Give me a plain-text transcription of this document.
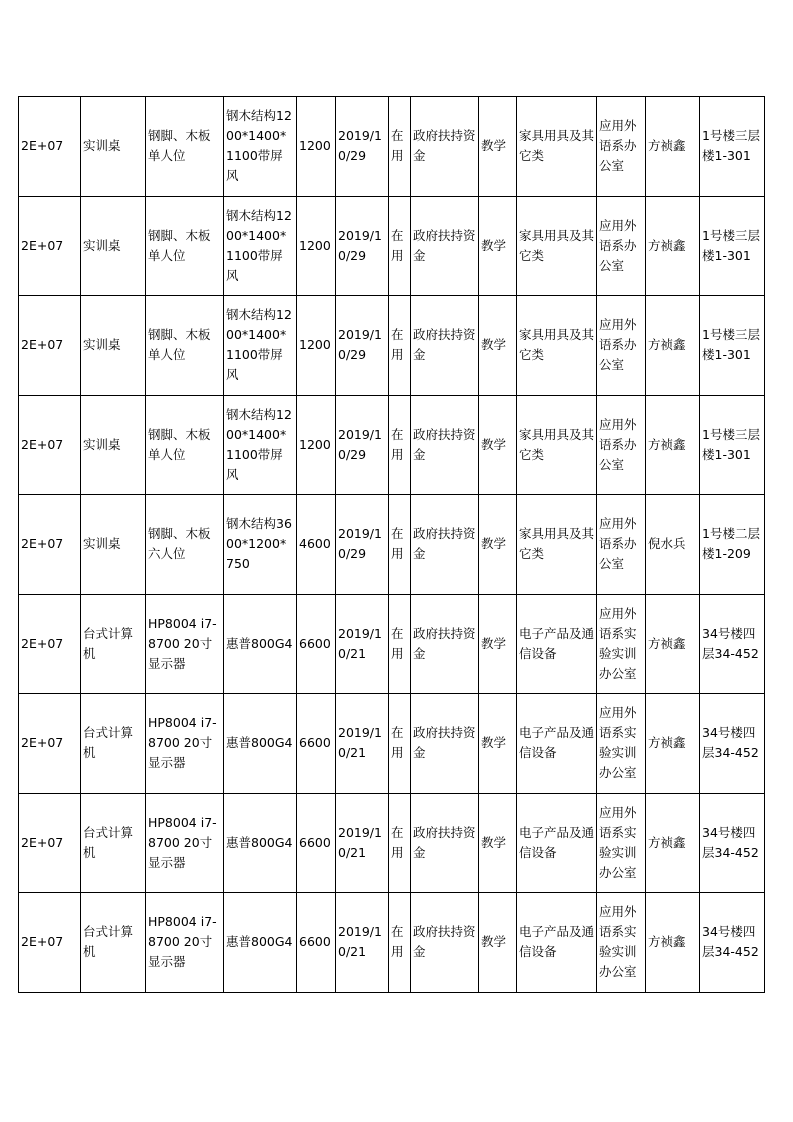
2E+07	实训桌	钢脚、木板单人位	钢木结构1200*1400*1100带屏风	1200	2019/10/29	在用	政府扶持资金	教学	家具用具及其它类	应用外语系办公室	方祯鑫	1号楼三层楼1-301
2E+07	实训桌	钢脚、木板单人位	钢木结构1200*1400*1100带屏风	1200	2019/10/29	在用	政府扶持资金	教学	家具用具及其它类	应用外语系办公室	方祯鑫	1号楼三层楼1-301
2E+07	实训桌	钢脚、木板单人位	钢木结构1200*1400*1100带屏风	1200	2019/10/29	在用	政府扶持资金	教学	家具用具及其它类	应用外语系办公室	方祯鑫	1号楼三层楼1-301
2E+07	实训桌	钢脚、木板单人位	钢木结构1200*1400*1100带屏风	1200	2019/10/29	在用	政府扶持资金	教学	家具用具及其它类	应用外语系办公室	方祯鑫	1号楼三层楼1-301
2E+07	实训桌	钢脚、木板六人位	钢木结构3600*1200*750	4600	2019/10/29	在用	政府扶持资金	教学	家具用具及其它类	应用外语系办公室	倪水兵	1号楼二层楼1-209
2E+07	台式计算机	HP8004 i7-8700 20寸显示器	惠普800G4	6600	2019/10/21	在用	政府扶持资金	教学	电子产品及通信设备	应用外语系实验实训办公室	方祯鑫	34号楼四层34-452
2E+07	台式计算机	HP8004 i7-8700 20寸显示器	惠普800G4	6600	2019/10/21	在用	政府扶持资金	教学	电子产品及通信设备	应用外语系实验实训办公室	方祯鑫	34号楼四层34-452
2E+07	台式计算机	HP8004 i7-8700 20寸显示器	惠普800G4	6600	2019/10/21	在用	政府扶持资金	教学	电子产品及通信设备	应用外语系实验实训办公室	方祯鑫	34号楼四层34-452
2E+07	台式计算机	HP8004 i7-8700 20寸显示器	惠普800G4	6600	2019/10/21	在用	政府扶持资金	教学	电子产品及通信设备	应用外语系实验实训办公室	方祯鑫	34号楼四层34-452
